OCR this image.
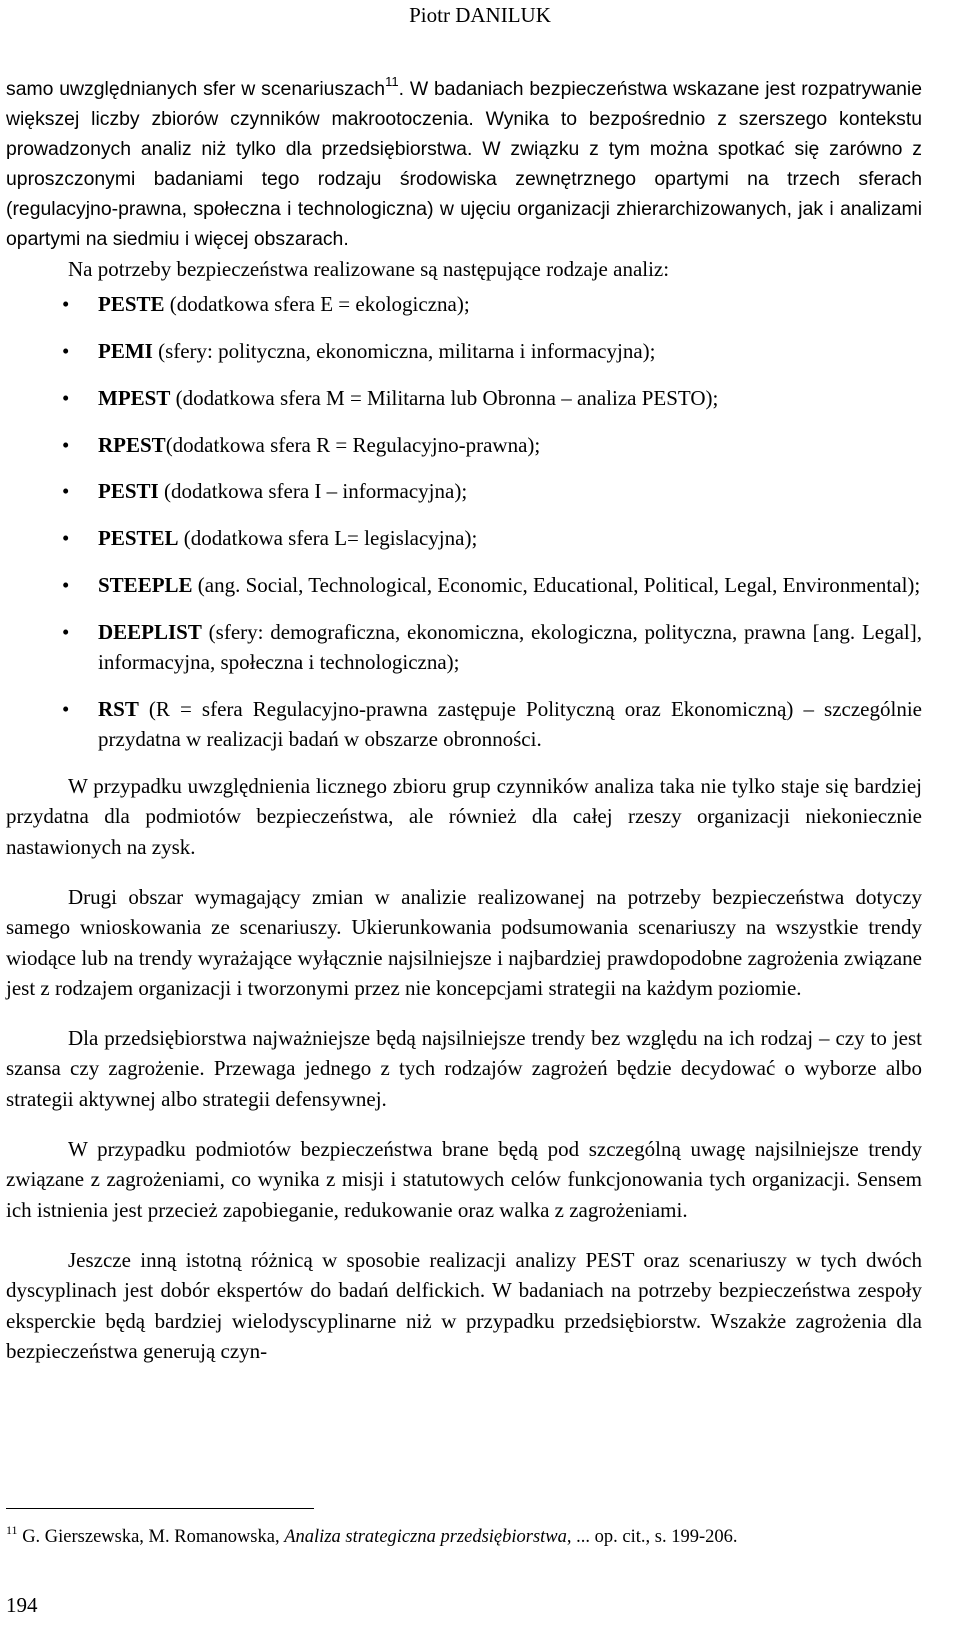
Piotr DANILUK

samo uwzględnianych sfer w scenariuszach$^{11}$. W badaniach bezpieczeństwa wskazane jest rozpatrywanie większej liczby zbiorów czynników makrootoczenia. Wynika to bezpośrednio z szerszego kontekstu prowadzonych analiz niż tylko dla przedsiębiorstwa. W związku z tym można spotkać się zarówno z uproszczonymi badaniami tego rodzaju środowiska zewnętrznego opartymi na trzech sferach (regulacyjno-prawna, społeczna i technologiczna) w ujęciu organizacji zhierarchizowanych, jak i analizami opartymi na siedmiu i więcej obszarach.

Na potrzeby bezpieczeństwa realizowane są następujące rodzaje analiz:

• PESTE (dodatkowa sfera E = ekologiczna);
• PEMI (sfery: polityczna, ekonomiczna, militarna i informacyjna);
• MPEST (dodatkowa sfera M = Militarna lub Obronna – analiza PESTO);
• RPEST(dodatkowa sfera R = Regulacyjno-prawna);
• PESTI (dodatkowa sfera I – informacyjna);
• PESTEL (dodatkowa sfera L= legislacyjna);
• STEEPLE (ang. Social, Technological, Economic, Educational, Political, Legal, Environmental);
• DEEPLIST (sfery: demograficzna, ekonomiczna, ekologiczna, polityczna, prawna [ang. Legal], informacyjna, społeczna i technologiczna);
• RST (R = sfera Regulacyjno-prawna zastępuje Polityczną oraz Ekonomiczną) – szczególnie przydatna w realizacji badań w obszarze obronności.

W przypadku uwzględnienia licznego zbioru grup czynników analiza taka nie tylko staje się bardziej przydatna dla podmiotów bezpieczeństwa, ale również dla całej rzeszy organizacji niekoniecznie nastawionych na zysk.

Drugi obszar wymagający zmian w analizie realizowanej na potrzeby bezpieczeństwa dotyczy samego wnioskowania ze scenariuszy. Ukierunkowania podsumowania scenariuszy na wszystkie trendy wiodące lub na trendy wyrażające wyłącznie najsilniejsze i najbardziej prawdopodobne zagrożenia związane jest z rodzajem organizacji i tworzonymi przez nie koncepcjami strategii na każdym poziomie.

Dla przedsiębiorstwa najważniejsze będą najsilniejsze trendy bez względu na ich rodzaj – czy to jest szansa czy zagrożenie. Przewaga jednego z tych rodzajów zagrożeń będzie decydować o wyborze albo strategii aktywnej albo strategii defensywnej.

W przypadku podmiotów bezpieczeństwa brane będą pod szczególną uwagę najsilniejsze trendy związane z zagrożeniami, co wynika z misji i statutowych celów funkcjonowania tych organizacji. Sensem ich istnienia jest przecież zapobieganie, redukowanie oraz walka z zagrożeniami.

Jeszcze inną istotną różnicą w sposobie realizacji analizy PEST oraz scenariuszy w tych dwóch dyscyplinach jest dobór ekspertów do badań delfickich. W badaniach na potrzeby bezpieczeństwa zespoły eksperckie będą bardziej wielodyscyplinarne niż w przypadku przedsiębiorstw. Wszakże zagrożenia dla bezpieczeństwa generują czyn-

$^{11}$ G. Gierszewska, M. Romanowska, Analiza strategiczna przedsiębiorstwa, ... op. cit., s. 199-206.
194
